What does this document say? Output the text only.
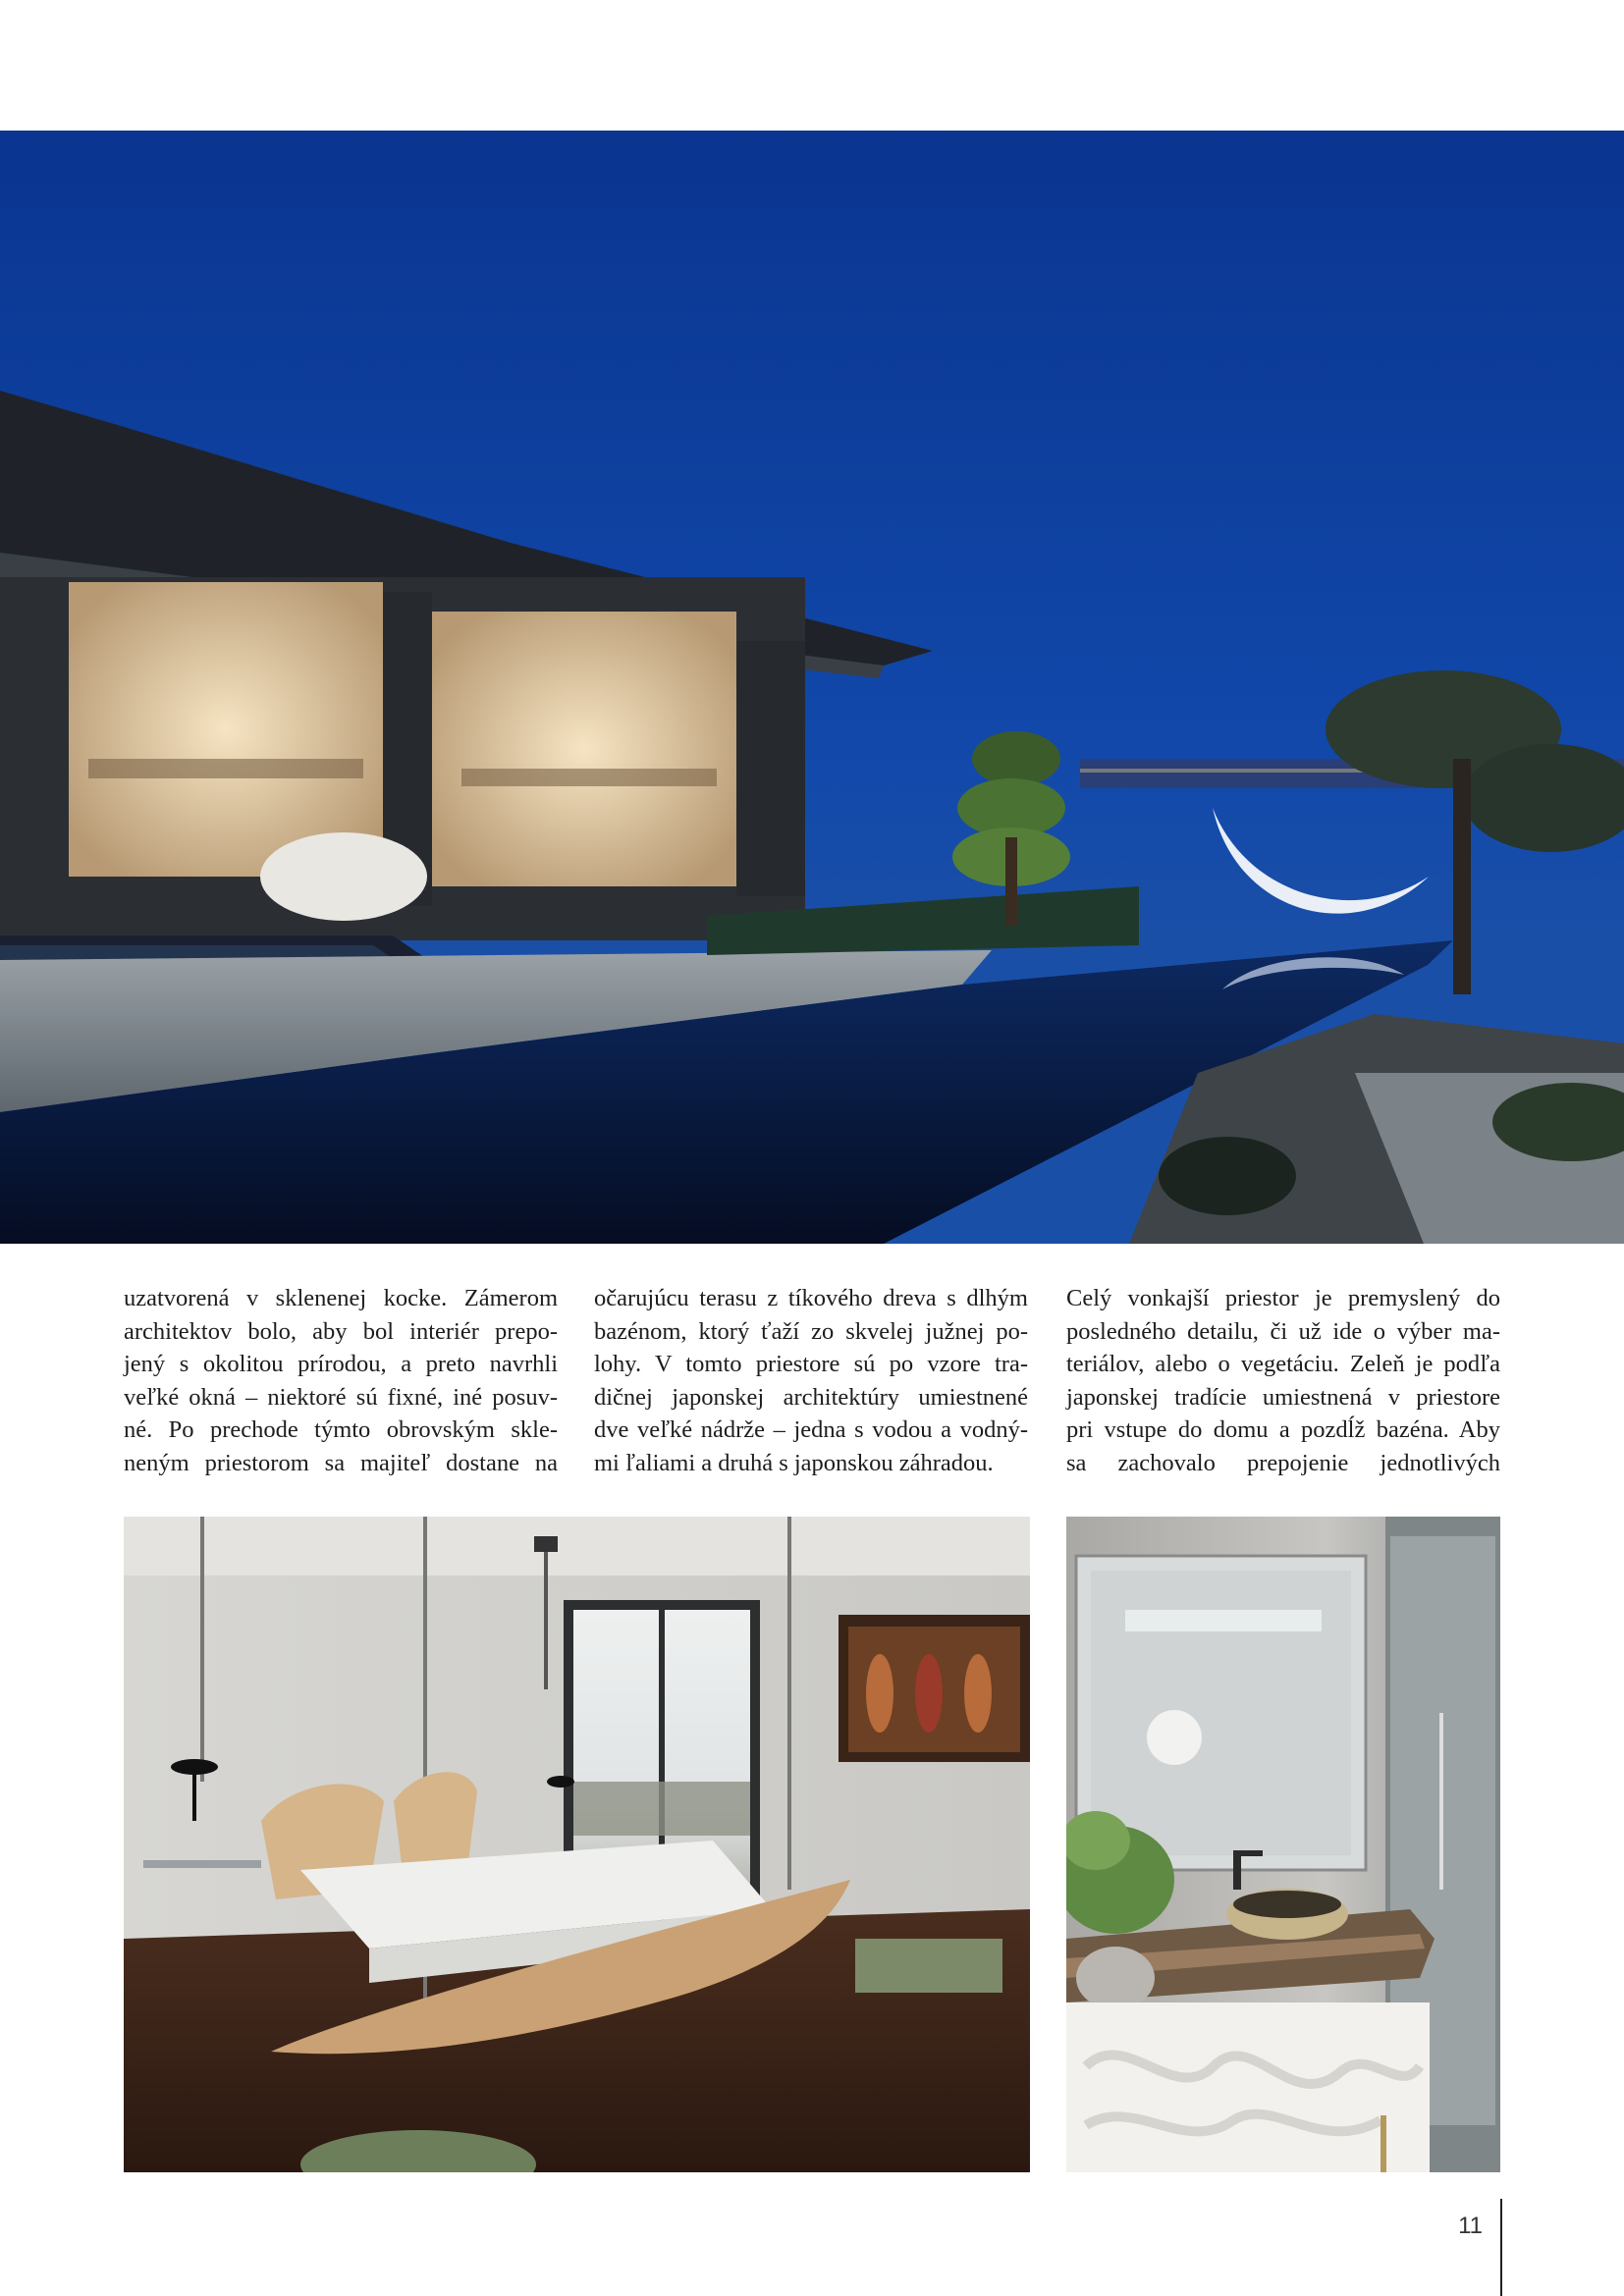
uzatvorená v sklenenej kocke. Zámerom
architektov bolo, aby bol interiér prepo-
jený s okolitou prírodou, a preto navrhli
veľké okná – niektoré sú fixné, iné posuv-
né. Po prechode týmto obrovským skle-
neným priestorom sa majiteľ dostane na
očarujúcu terasu z tíkového dreva s dlhým
bazénom, ktorý ťaží zo skvelej južnej po-
lohy. V tomto priestore sú po vzore tra-
dičnej japonskej architektúry umiestnené
dve veľké nádrže – jedna s vodou a vodný-
mi ľaliami a druhá s japonskou záhradou.
Celý vonkajší priestor je premyslený do
posledného detailu, či už ide o výber ma-
teriálov, alebo o vegetáciu. Zeleň je podľa
japonskej tradície umiestnená v priestore
pri vstupe do domu a pozdĺž bazéna. Aby
sa zachovalo prepojenie jednotlivých
11
